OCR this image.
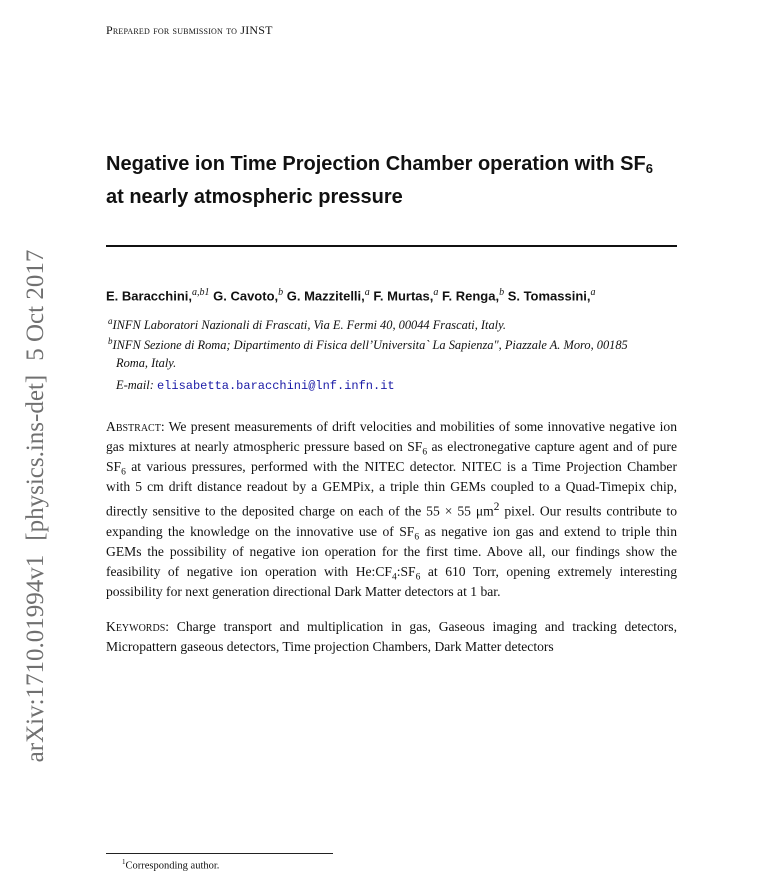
Prepared for submission to JINST
arXiv:1710.01994v1[physics.ins-det]5 Oct 2017
Negative ion Time Projection Chamber operation with $SF_6$
at nearly atmospheric pressure
E. Baracchini,$^{a,b1}$ G. Cavoto,$^b$ G. Mazzitelli,$^a$ F. Murtas,$^a$ F. Renga,$^b$ S. Tomassini,$^a$
$^a$INFN Laboratori Nazionali di Frascati, Via E. Fermi 40, 00044 Frascati, Italy.
$^b$INFN Sezione di Roma; Dipartimento di Fisica dell’Universita` La Sapienza", Piazzale A. Moro, 00185
Roma, Italy.
E-mail: elisabetta.baracchini@lnf.infn.it

Abstract: We present measurements of drift velocities and mobilities of some innovative negative ion gas mixtures at nearly atmospheric pressure based on $SF_6$ as electronegative capture agent and of pure $SF_6$ at various pressures, performed with the NITEC detector. NITEC is a Time Projection Chamber with 5 cm drift distance readout by a GEMPix, a triple thin GEMs coupled to a Quad-Timepix chip, directly sensitive to the deposited charge on each of the 55 × 55 $\mu m^2$ pixel. Our results contribute to expanding the knowledge on the innovative use of $SF_6$ as negative ion gas and extend to triple thin GEMs the possibility of negative ion operation for the first time. Above all, our findings show the feasibility of negative ion operation with $He:CF_4:SF_6$ at 610 Torr, opening extremely interesting possibility for next generation directional Dark Matter detectors at 1 bar.

Keywords: Charge transport and multiplication in gas, Gaseous imaging and tracking detectors, Micropattern gaseous detectors, Time projection Chambers, Dark Matter detectors

$^1$Corresponding author.
